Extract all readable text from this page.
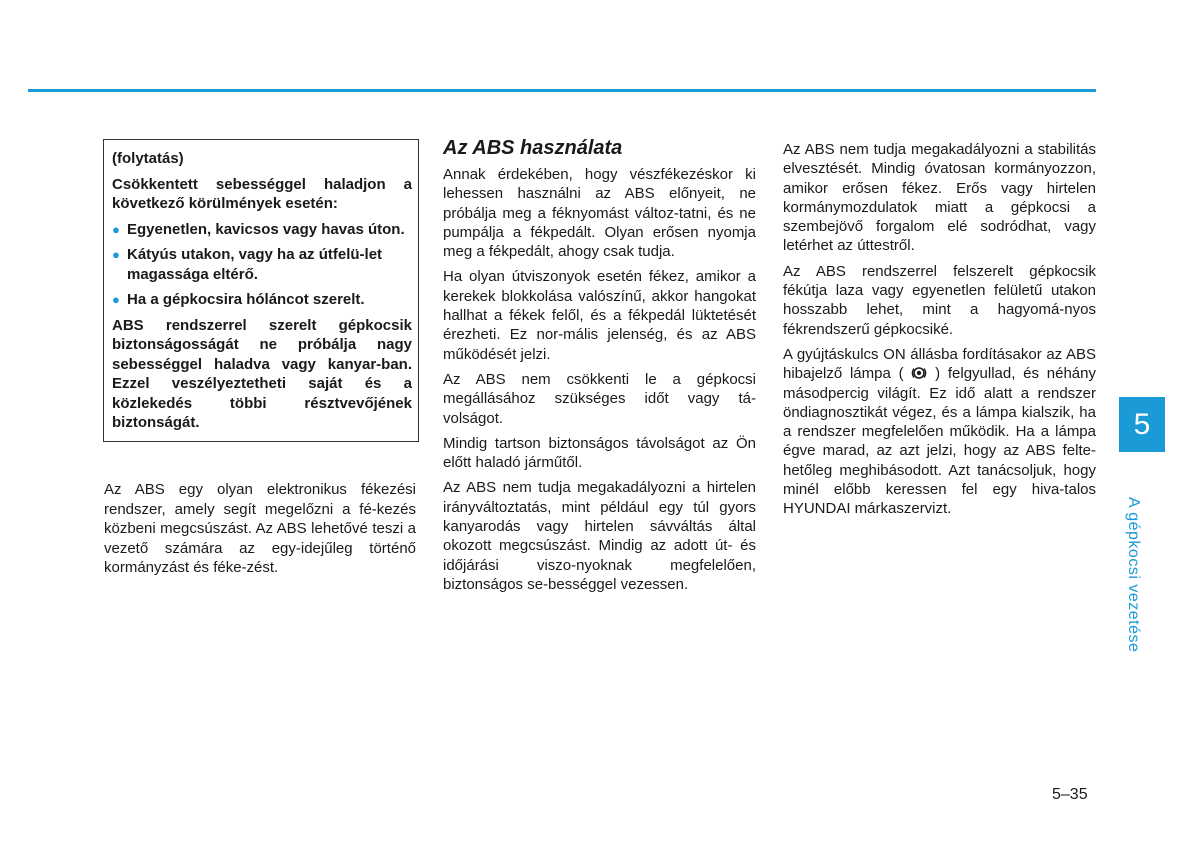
(folytatás)

Csökkentett sebességgel haladjon a következő körülmények esetén:

● Egyenetlen, kavicsos vagy havas úton.
● Kátyús utakon, vagy ha az útfelü-let magassága eltérő.
● Ha a gépkocsira hóláncot szerelt.

ABS rendszerrel szerelt gépkocsik biztonságosságát ne próbálja nagy sebességgel haladva vagy kanyar-ban. Ezzel veszélyeztetheti saját és a közlekedés többi résztvevőjének biztonságát.

Az ABS egy olyan elektronikus fékezési rendszer, amely segít megelőzni a fé-kezés közbeni megcsúszást. Az ABS lehetővé teszi a vezető számára az egy-idejűleg történő kormányzást és féke-zést.

Az ABS használata

Annak érdekében, hogy vészfékezéskor ki lehessen használni az ABS előnyeit, ne próbálja meg a féknyomást változ-tatni, és ne pumpálja a fékpedált. Olyan erősen nyomja meg a fékpedált, ahogy csak tudja.

Ha olyan útviszonyok esetén fékez, amikor a kerekek blokkolása valószínű, akkor hangokat hallhat a fékek felől, és a fékpedál lüktetését érezheti. Ez nor-mális jelenség, és az ABS működését jelzi.

Az ABS nem csökkenti le a gépkocsi megállásához szükséges időt vagy tá-volságot.

Mindig tartson biztonságos távolságot az Ön előtt haladó járműtől.

Az ABS nem tudja megakadályozni a hirtelen irányváltoztatás, mint például egy túl gyors kanyarodás vagy hirtelen sávváltás által okozott megcsúszást. Mindig az adott út- és időjárási viszo-nyoknak megfelelően, biztonságos se-bességgel vezessen.

Az ABS nem tudja megakadályozni a stabilitás elvesztését. Mindig óvatosan kormányozzon, amikor erősen fékez. Erős vagy hirtelen kormánymozdulatok miatt a gépkocsi a szembejövő forgalom elé sodródhat, vagy letérhet az úttestről.

Az ABS rendszerrel felszerelt gépkocsik fékútja laza vagy egyenetlen felületű utakon hosszabb lehet, mint a hagyomá-nyos fékrendszerű gépkocsiké.

A gyújtáskulcs ON állásba fordításakor az ABS hibajelző lámpa ( ) felgyullad, és néhány másodpercig világít. Ez idő alatt a rendszer öndiagnosztikát végez, és a lámpa kialszik, ha a rendszer megfelelően működik. Ha a lámpa égve marad, az azt jelzi, hogy az ABS felte-hetőleg meghibásodott. Azt tanácsoljuk, hogy minél előbb keressen fel egy hiva-talos HYUNDAI márkaszervizt.

5
A gépkocsi vezetése
5–35
